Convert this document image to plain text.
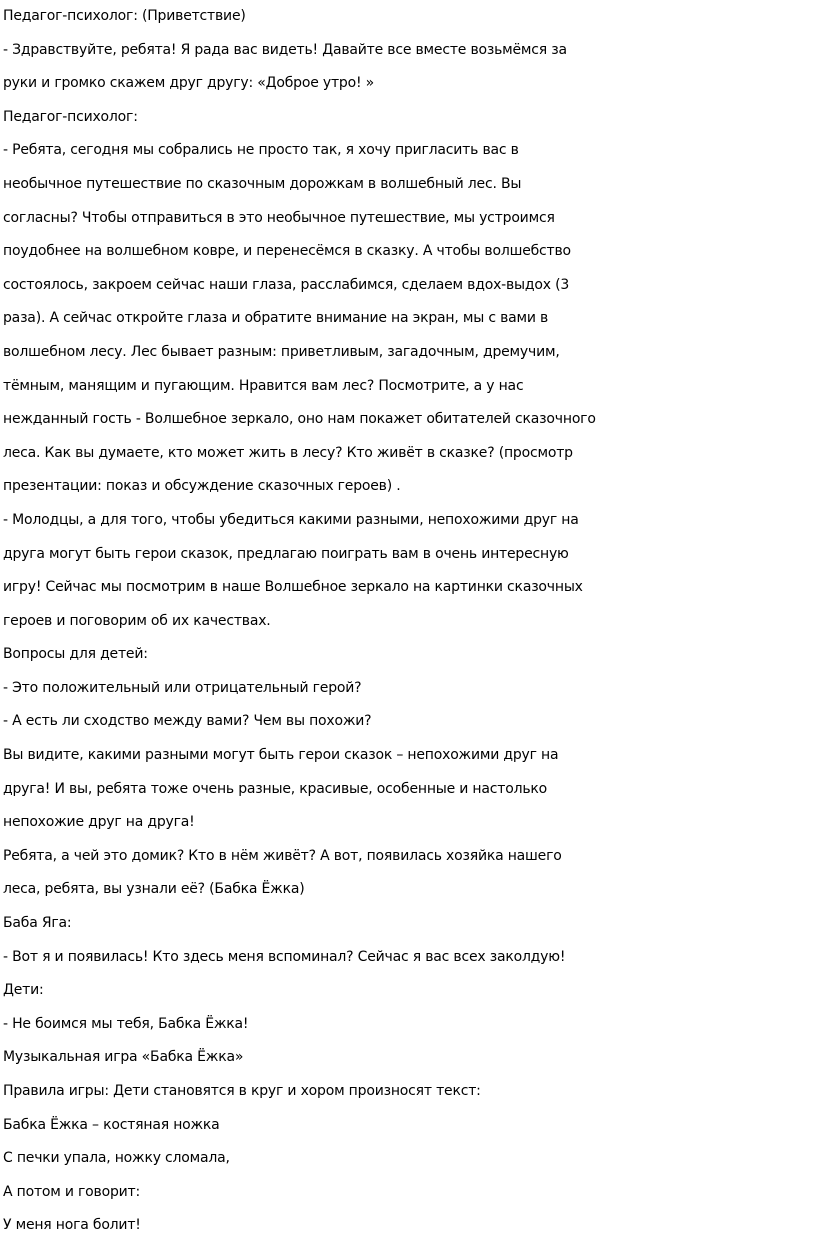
Педагог-психолог: (Приветствие)
- Здравствуйте, ребята! Я рада вас видеть! Давайте все вместе возьмёмся за
руки и громко скажем друг другу: «Доброе утро! »
Педагог-психолог:
- Ребята, сегодня мы собрались не просто так, я хочу пригласить вас в
необычное путешествие по сказочным дорожкам в волшебный лес. Вы
согласны? Чтобы отправиться в это необычное путешествие, мы устроимся
поудобнее на волшебном ковре, и перенесёмся в сказку. А чтобы волшебство
состоялось, закроем сейчас наши глаза, расслабимся, сделаем вдох-выдох (3
раза). А сейчас откройте глаза и обратите внимание на экран, мы с вами в
волшебном лесу. Лес бывает разным: приветливым, загадочным, дремучим,
тёмным, манящим и пугающим. Нравится вам лес? Посмотрите, а у нас
нежданный гость - Волшебное зеркало, оно нам покажет обитателей сказочного
леса. Как вы думаете, кто может жить в лесу? Кто живёт в сказке? (просмотр
презентации: показ и обсуждение сказочных героев) .
- Молодцы, а для того, чтобы убедиться какими разными, непохожими друг на
друга могут быть герои сказок, предлагаю поиграть вам в очень интересную
игру! Сейчас мы посмотрим в наше Волшебное зеркало на картинки сказочных
героев и поговорим об их качествах.
Вопросы для детей:
- Это положительный или отрицательный герой?
- А есть ли сходство между вами? Чем вы похожи?
Вы видите, какими разными могут быть герои сказок – непохожими друг на
друга! И вы, ребята тоже очень разные, красивые, особенные и настолько
непохожие друг на друга!
Ребята, а чей это домик? Кто в нём живёт? А вот, появилась хозяйка нашего
леса, ребята, вы узнали её? (Бабка Ёжка)
Баба Яга:
- Вот я и появилась! Кто здесь меня вспоминал? Сейчас я вас всех заколдую!
Дети:
- Не боимся мы тебя, Бабка Ёжка!
Музыкальная игра «Бабка Ёжка»
Правила игры: Дети становятся в круг и хором произносят текст:
Бабка Ёжка – костяная ножка
С печки упала, ножку сломала,
А потом и говорит:
У меня нога болит!
